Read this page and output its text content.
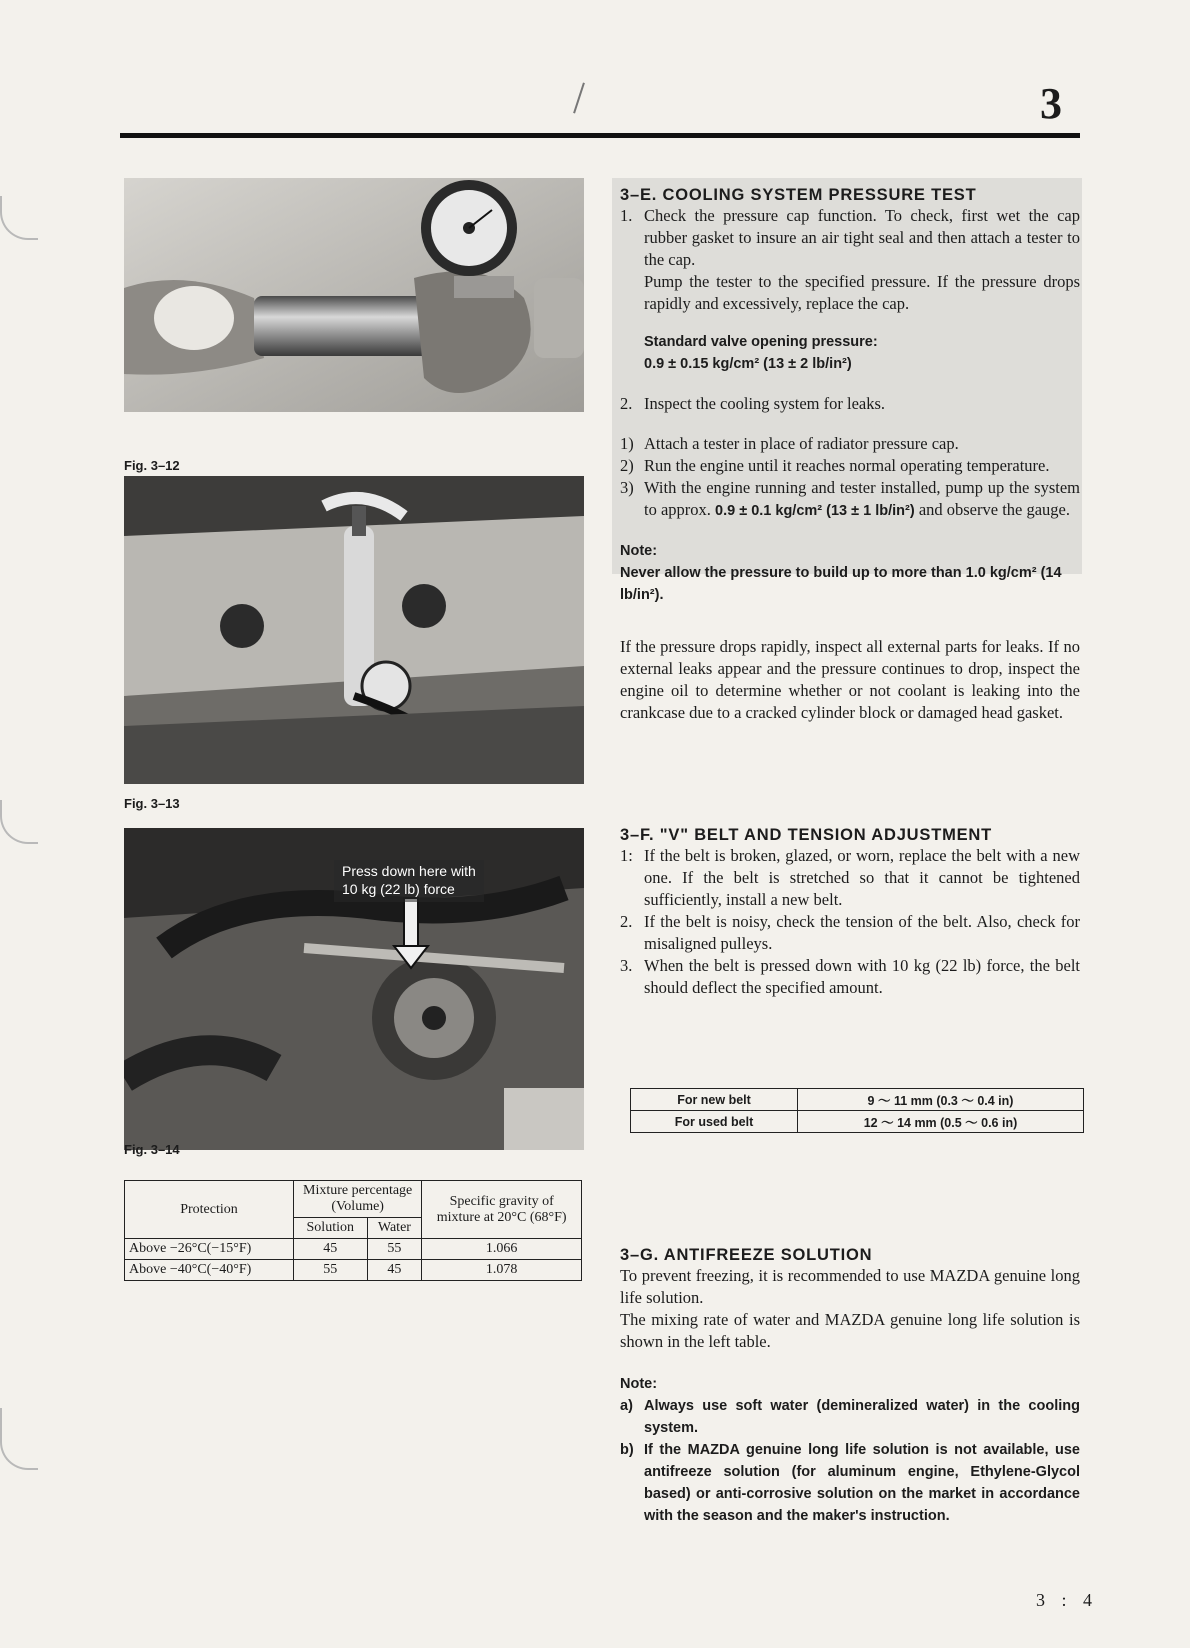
3
Fig. 3–12
Fig. 3–13
Press down here with
10 kg (22 lb) force
Fig. 3–14
Protection	Mixture percentage (Volume)		Specific gravity of mixture at 20°C (68°F)
	Solution	Water	
Above −26°C(−15°F)	45	55	1.066
Above −40°C(−40°F)	55	45	1.078

3–E. COOLING SYSTEM PRESSURE TEST

1. Check the pressure cap function. To check, first wet the cap rubber gasket to insure an air tight seal and then attach a tester to the cap.
Pump the tester to the specified pressure. If the pressure drops rapidly and excessively, replace the cap.
Standard valve opening pressure:
0.9 ± 0.15 kg/cm² (13 ± 2 lb/in²)
2. Inspect the cooling system for leaks.
1) Attach a tester in place of radiator pressure cap.
2) Run the engine until it reaches normal operating temperature.
3) With the engine running and tester installed, pump up the system to approx. 0.9 ± 0.1 kg/cm² (13 ± 1 lb/in²) and observe the gauge.
Note:
Never allow the pressure to build up to more than 1.0 kg/cm² (14 lb/in²).

If the pressure drops rapidly, inspect all external parts for leaks. If no external leaks appear and the pressure continues to drop, inspect the engine oil to determine whether or not coolant is leaking into the crankcase due to a cracked cylinder block or damaged head gasket.

3–F. "V" BELT AND TENSION ADJUSTMENT

1: If the belt is broken, glazed, or worn, replace the belt with a new one. If the belt is stretched so that it cannot be tightened sufficiently, install a new belt.
2. If the belt is noisy, check the tension of the belt. Also, check for misaligned pulleys.
3. When the belt is pressed down with 10 kg (22 lb) force, the belt should deflect the specified amount.
For new belt	9 ～ 11 mm (0.3 ～ 0.4 in)
For used belt	12 ～ 14 mm (0.5 ～ 0.6 in)

3–G. ANTIFREEZE SOLUTION

To prevent freezing, it is recommended to use MAZDA genuine long life solution.

The mixing rate of water and MAZDA genuine long life solution is shown in the left table.

Note:
a) Always use soft water (demineralized water) in the cooling system.
b) If the MAZDA genuine long life solution is not available, use antifreeze solution (for aluminum engine, Ethylene-Glycol based) or anti-corrosive solution on the market in accordance with the season and the maker's instruction.
3 : 4
